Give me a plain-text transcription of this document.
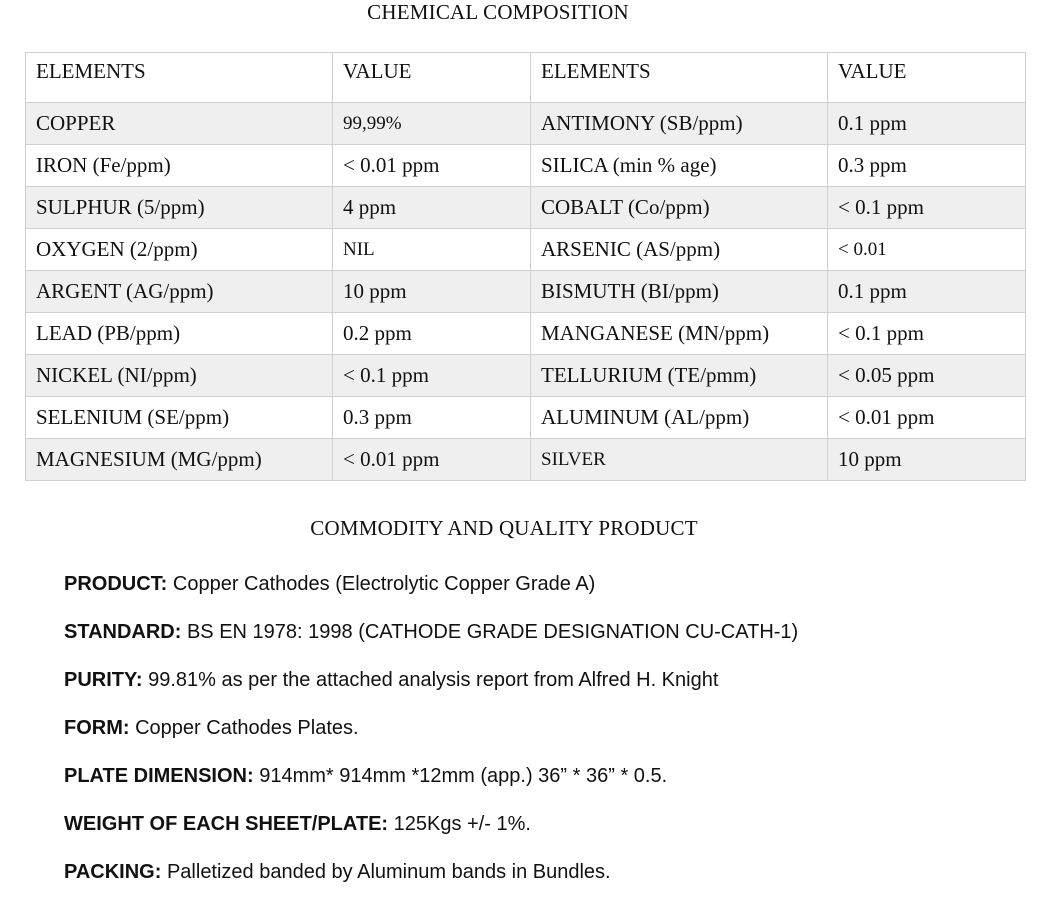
CHEMICAL COMPOSITION
ELEMENTS	VALUE	ELEMENTS	VALUE
COPPER	99,99%	ANTIMONY (SB/ppm)	0.1 ppm
IRON (Fe/ppm)	< 0.01 ppm	SILICA (min % age)	0.3 ppm
SULPHUR (5/ppm)	4 ppm	COBALT (Co/ppm)	< 0.1 ppm
OXYGEN (2/ppm)	NIL	ARSENIC (AS/ppm)	< 0.01
ARGENT (AG/ppm)	10 ppm	BISMUTH (BI/ppm)	0.1 ppm
LEAD (PB/ppm)	0.2 ppm	MANGANESE (MN/ppm)	< 0.1 ppm
NICKEL (NI/ppm)	< 0.1 ppm	TELLURIUM (TE/pmm)	< 0.05 ppm
SELENIUM (SE/ppm)	0.3 ppm	ALUMINUM (AL/ppm)	< 0.01 ppm
MAGNESIUM (MG/ppm)	< 0.01 ppm	SILVER	10 ppm
COMMODITY AND QUALITY PRODUCT
PRODUCT: Copper Cathodes (Electrolytic Copper Grade A)
STANDARD: BS EN 1978: 1998 (CATHODE GRADE DESIGNATION CU-CATH-1)
PURITY: 99.81% as per the attached analysis report from Alfred H. Knight
FORM: Copper Cathodes Plates.
PLATE DIMENSION: 914mm* 914mm *12mm (app.) 36” * 36” * 0.5.
WEIGHT OF EACH SHEET/PLATE: 125Kgs +/- 1%.
PACKING: Palletized banded by Aluminum bands in Bundles.
